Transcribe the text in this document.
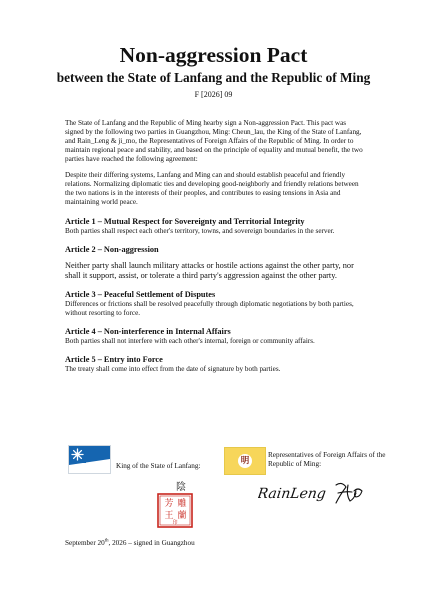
Non-aggression Pact
between the State of Lanfang and the Republic of Ming
F [2026] 09

The State of Lanfang and the Republic of Ming hearby sign a Non-aggression Pact. This pact was signed by the following two parties in Guangzhou, Ming: Cheun_lau, the King of the State of Lanfang, and Rain_Leng & ji_mo, the Representatives of Foreign Affairs of the Republic of Ming. In order to maintain regional peace and stability, and based on the principle of equality and mutual benefit, the two parties have reached the following agreement:

Despite their differing systems, Lanfang and Ming can and should establish peaceful and friendly relations. Normalizing diplomatic ties and developing good-neighborly and friendly relations between the two nations is in the interests of their peoples, and contributes to easing tensions in Asia and maintaining world peace.

Article 1 – Mutual Respect for Sovereignty and Territorial Integrity

Both parties shall respect each other's territory, towns, and sovereign boundaries in the server.

Article 2 – Non-aggression

Neither party shall launch military attacks or hostile actions against the other party, nor shall it support, assist, or tolerate a third party's aggression against the other party.

Article 3 – Peaceful Settlement of Disputes

Differences or frictions shall be resolved peacefully through diplomatic negotiations by both parties, without resorting to force.

Article 4 – Non-interference in Internal Affairs

Both parties shall not interfere with each other's internal, foreign or community affairs.

Article 5 – Entry into Force

The treaty shall come into effect from the date of signature by both parties.

King of the State of Lanfang:	明
Representatives of Foreign Affairs of the Republic of Ming:
陰
雕
蘭
芳
王
印
RainLeng
September 20th, 2026 – signed in Guangzhou
